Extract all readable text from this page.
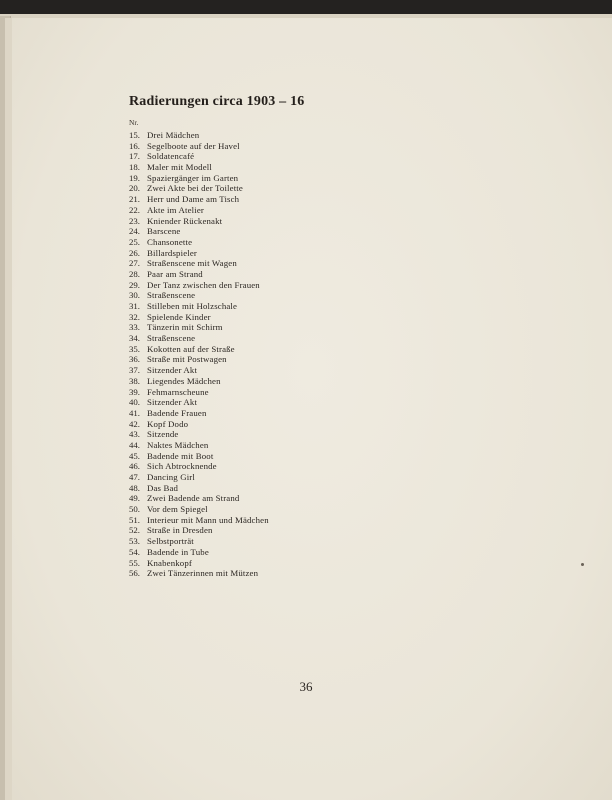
Radierungen circa 1903 – 16
Nr.
15. Drei Mädchen
16. Segelboote auf der Havel
17. Soldatencafé
18. Maler mit Modell
19. Spaziergänger im Garten
20. Zwei Akte bei der Toilette
21. Herr und Dame am Tisch
22. Akte im Atelier
23. Kniender Rückenakt
24. Barscene
25. Chansonette
26. Billardspieler
27. Straßenscene mit Wagen
28. Paar am Strand
29. Der Tanz zwischen den Frauen
30. Straßenscene
31. Stilleben mit Holzschale
32. Spielende Kinder
33. Tänzerin mit Schirm
34. Straßenscene
35. Kokotten auf der Straße
36. Straße mit Postwagen
37. Sitzender Akt
38. Liegendes Mädchen
39. Fehmarnscheune
40. Sitzender Akt
41. Badende Frauen
42. Kopf Dodo
43. Sitzende
44. Naktes Mädchen
45. Badende mit Boot
46. Sich Abtrocknende
47. Dancing Girl
48. Das Bad
49. Zwei Badende am Strand
50. Vor dem Spiegel
51. Interieur mit Mann und Mädchen
52. Straße in Dresden
53. Selbstporträt
54. Badende in Tube
55. Knabenkopf
56. Zwei Tänzerinnen mit Mützen
36
